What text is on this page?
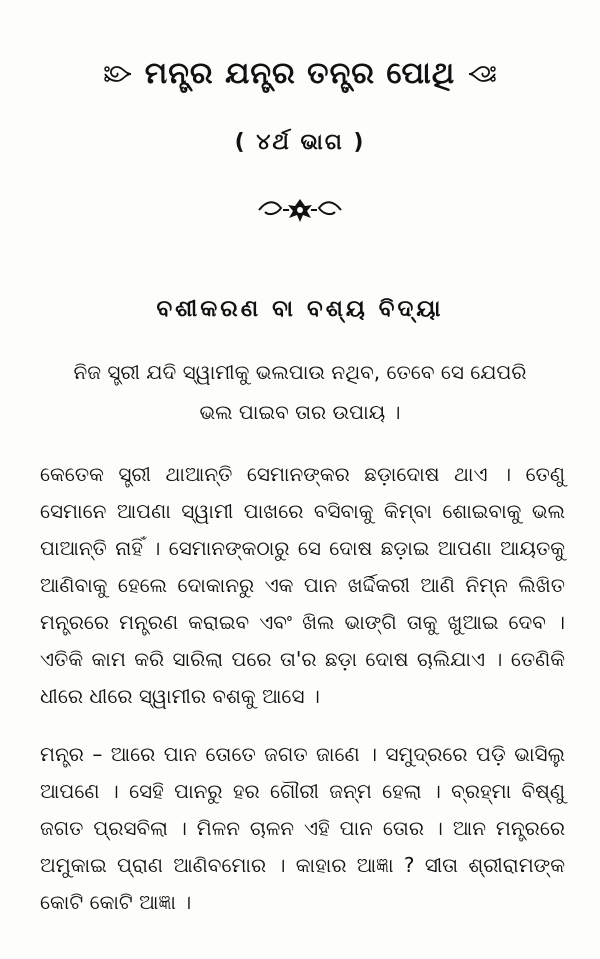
ମନ୍ତ୍ର ଯନ୍ତ୍ର ତନ୍ତ୍ର ପୋଥି
( ୪ର୍ଥ ଭାଗ )
ବଶୀକରଣ ବା ବଶ୍ୟ ବିଦ୍ୟା
ନିଜ ସ୍ତ୍ରୀ ଯଦି ସ୍ୱାମୀକୁ ଭଲପାଉ ନଥିବ, ତେବେ ସେ ଯେପରି ଭଲ ପାଇବ ତାର ଉପାୟ ।
କେତେକ ସ୍ତ୍ରୀ ଥାଆନ୍ତି ସେମାନଙ୍କର ଛଡ଼ାଦୋଷ ଥାଏ । ତେଣୁ ସେମାନେ ଆପଣା ସ୍ୱାମୀ ପାଖରେ ବସିବାକୁ କିମ୍ବା ଶୋଇବାକୁ ଭଲ ପାଆନ୍ତି ନାହିଁ । ସେମାନଙ୍କଠାରୁ ସେ ଦୋଷ ଛଡ଼ାଇ ଆପଣା ଆୟତକୁ ଆଣିବାକୁ ହେଲେ ଦୋକାନରୁ ଏକ ପାନ ଖର୍ଦ୍ଦିକରୀ ଆଣି ନିମ୍ନ ଲିଖିତ ମନ୍ତ୍ରରେ ମନ୍ତ୍ରଣ କରାଇବ ଏବଂ ଖିଲ ଭାଙ୍ଗି ତାକୁ ଖୁଆଇ ଦେବ । ଏତିକି କାମ କରି ସାରିଲା ପରେ ତା'ର ଛଡ଼ା ଦୋଷ ଚାଲିଯାଏ । ତେଣିକି ଧୀରେ ଧୀରେ ସ୍ୱାମୀର ବଶକୁ ଆସେ ।
ମନ୍ତ୍ର – ଆରେ ପାନ ତୋତେ ଜଗତ ଜାଣେ । ସମୁଦ୍ରରେ ପଡ଼ି ଭାସିଲୁ ଆପଣେ । ସେହି ପାନରୁ ହର ଗୌରୀ ଜନ୍ମ ହେଲା । ବ୍ରହ୍ମା ବିଷ୍ଣୁ ଜଗତ ପ୍ରସବିଲା । ମିଳନ ଚାଳନ ଏହି ପାନ ତୋର । ଆନ ମନ୍ତ୍ରରେ ଅମୁକାଇ ପ୍ରାଣ ଆଣିବମୋର । କାହାର ଆଜ୍ଞା ? ସୀତା ଶ୍ରୀରାମଙ୍କ କୋଟି କୋଟି ଆଜ୍ଞା ।
